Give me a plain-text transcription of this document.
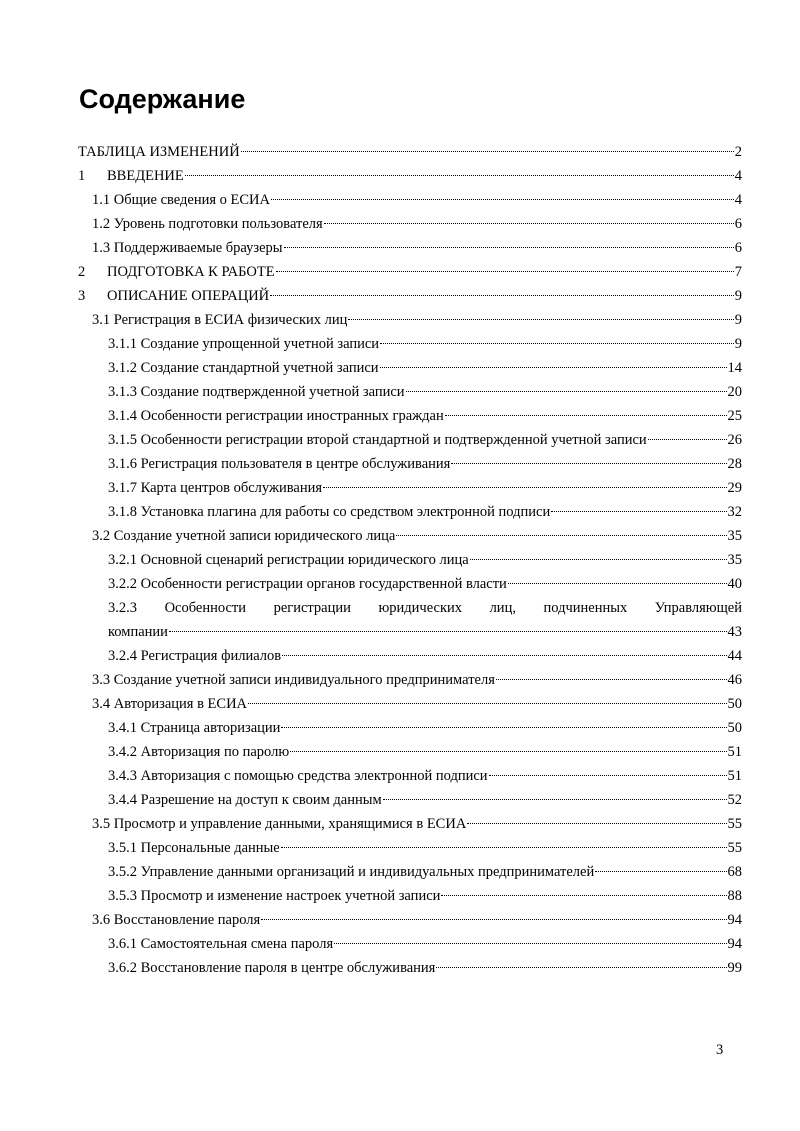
Содержание
ТАБЛИЦА ИЗМЕНЕНИЙ	2
1	ВВЕДЕНИЕ	4
1.1 Общие сведения о ЕСИА	4
1.2 Уровень подготовки пользователя	6
1.3 Поддерживаемые браузеры	6
2	ПОДГОТОВКА К РАБОТЕ	7
3	ОПИСАНИЕ ОПЕРАЦИЙ	9
3.1 Регистрация в ЕСИА физических лиц	9
3.1.1 Создание упрощенной учетной записи	9
3.1.2 Создание стандартной учетной записи	14
3.1.3 Создание подтвержденной учетной записи	20
3.1.4 Особенности регистрации иностранных граждан	25
3.1.5 Особенности регистрации второй стандартной и подтвержденной учетной записи	26
3.1.6 Регистрация пользователя в центре обслуживания	28
3.1.7 Карта центров обслуживания	29
3.1.8 Установка плагина для работы со средством электронной подписи	32
3.2 Создание учетной записи юридического лица	35
3.2.1 Основной сценарий регистрации юридического лица	35
3.2.2 Особенности регистрации органов государственной власти	40
3.2.3 Особенности регистрации юридических лиц, подчиненных Управляющей
компании	43
3.2.4 Регистрация филиалов	44
3.3 Создание учетной записи индивидуального предпринимателя	46
3.4 Авторизация в ЕСИА	50
3.4.1 Страница авторизации	50
3.4.2 Авторизация по паролю	51
3.4.3 Авторизация с помощью средства электронной подписи	51
3.4.4 Разрешение на доступ к своим данным	52
3.5 Просмотр и управление данными, хранящимися в ЕСИА	55
3.5.1 Персональные данные	55
3.5.2 Управление данными организаций и индивидуальных предпринимателей	68
3.5.3 Просмотр и изменение настроек учетной записи	88
3.6 Восстановление пароля	94
3.6.1 Самостоятельная смена пароля	94
3.6.2 Восстановление пароля в центре обслуживания	99
3
